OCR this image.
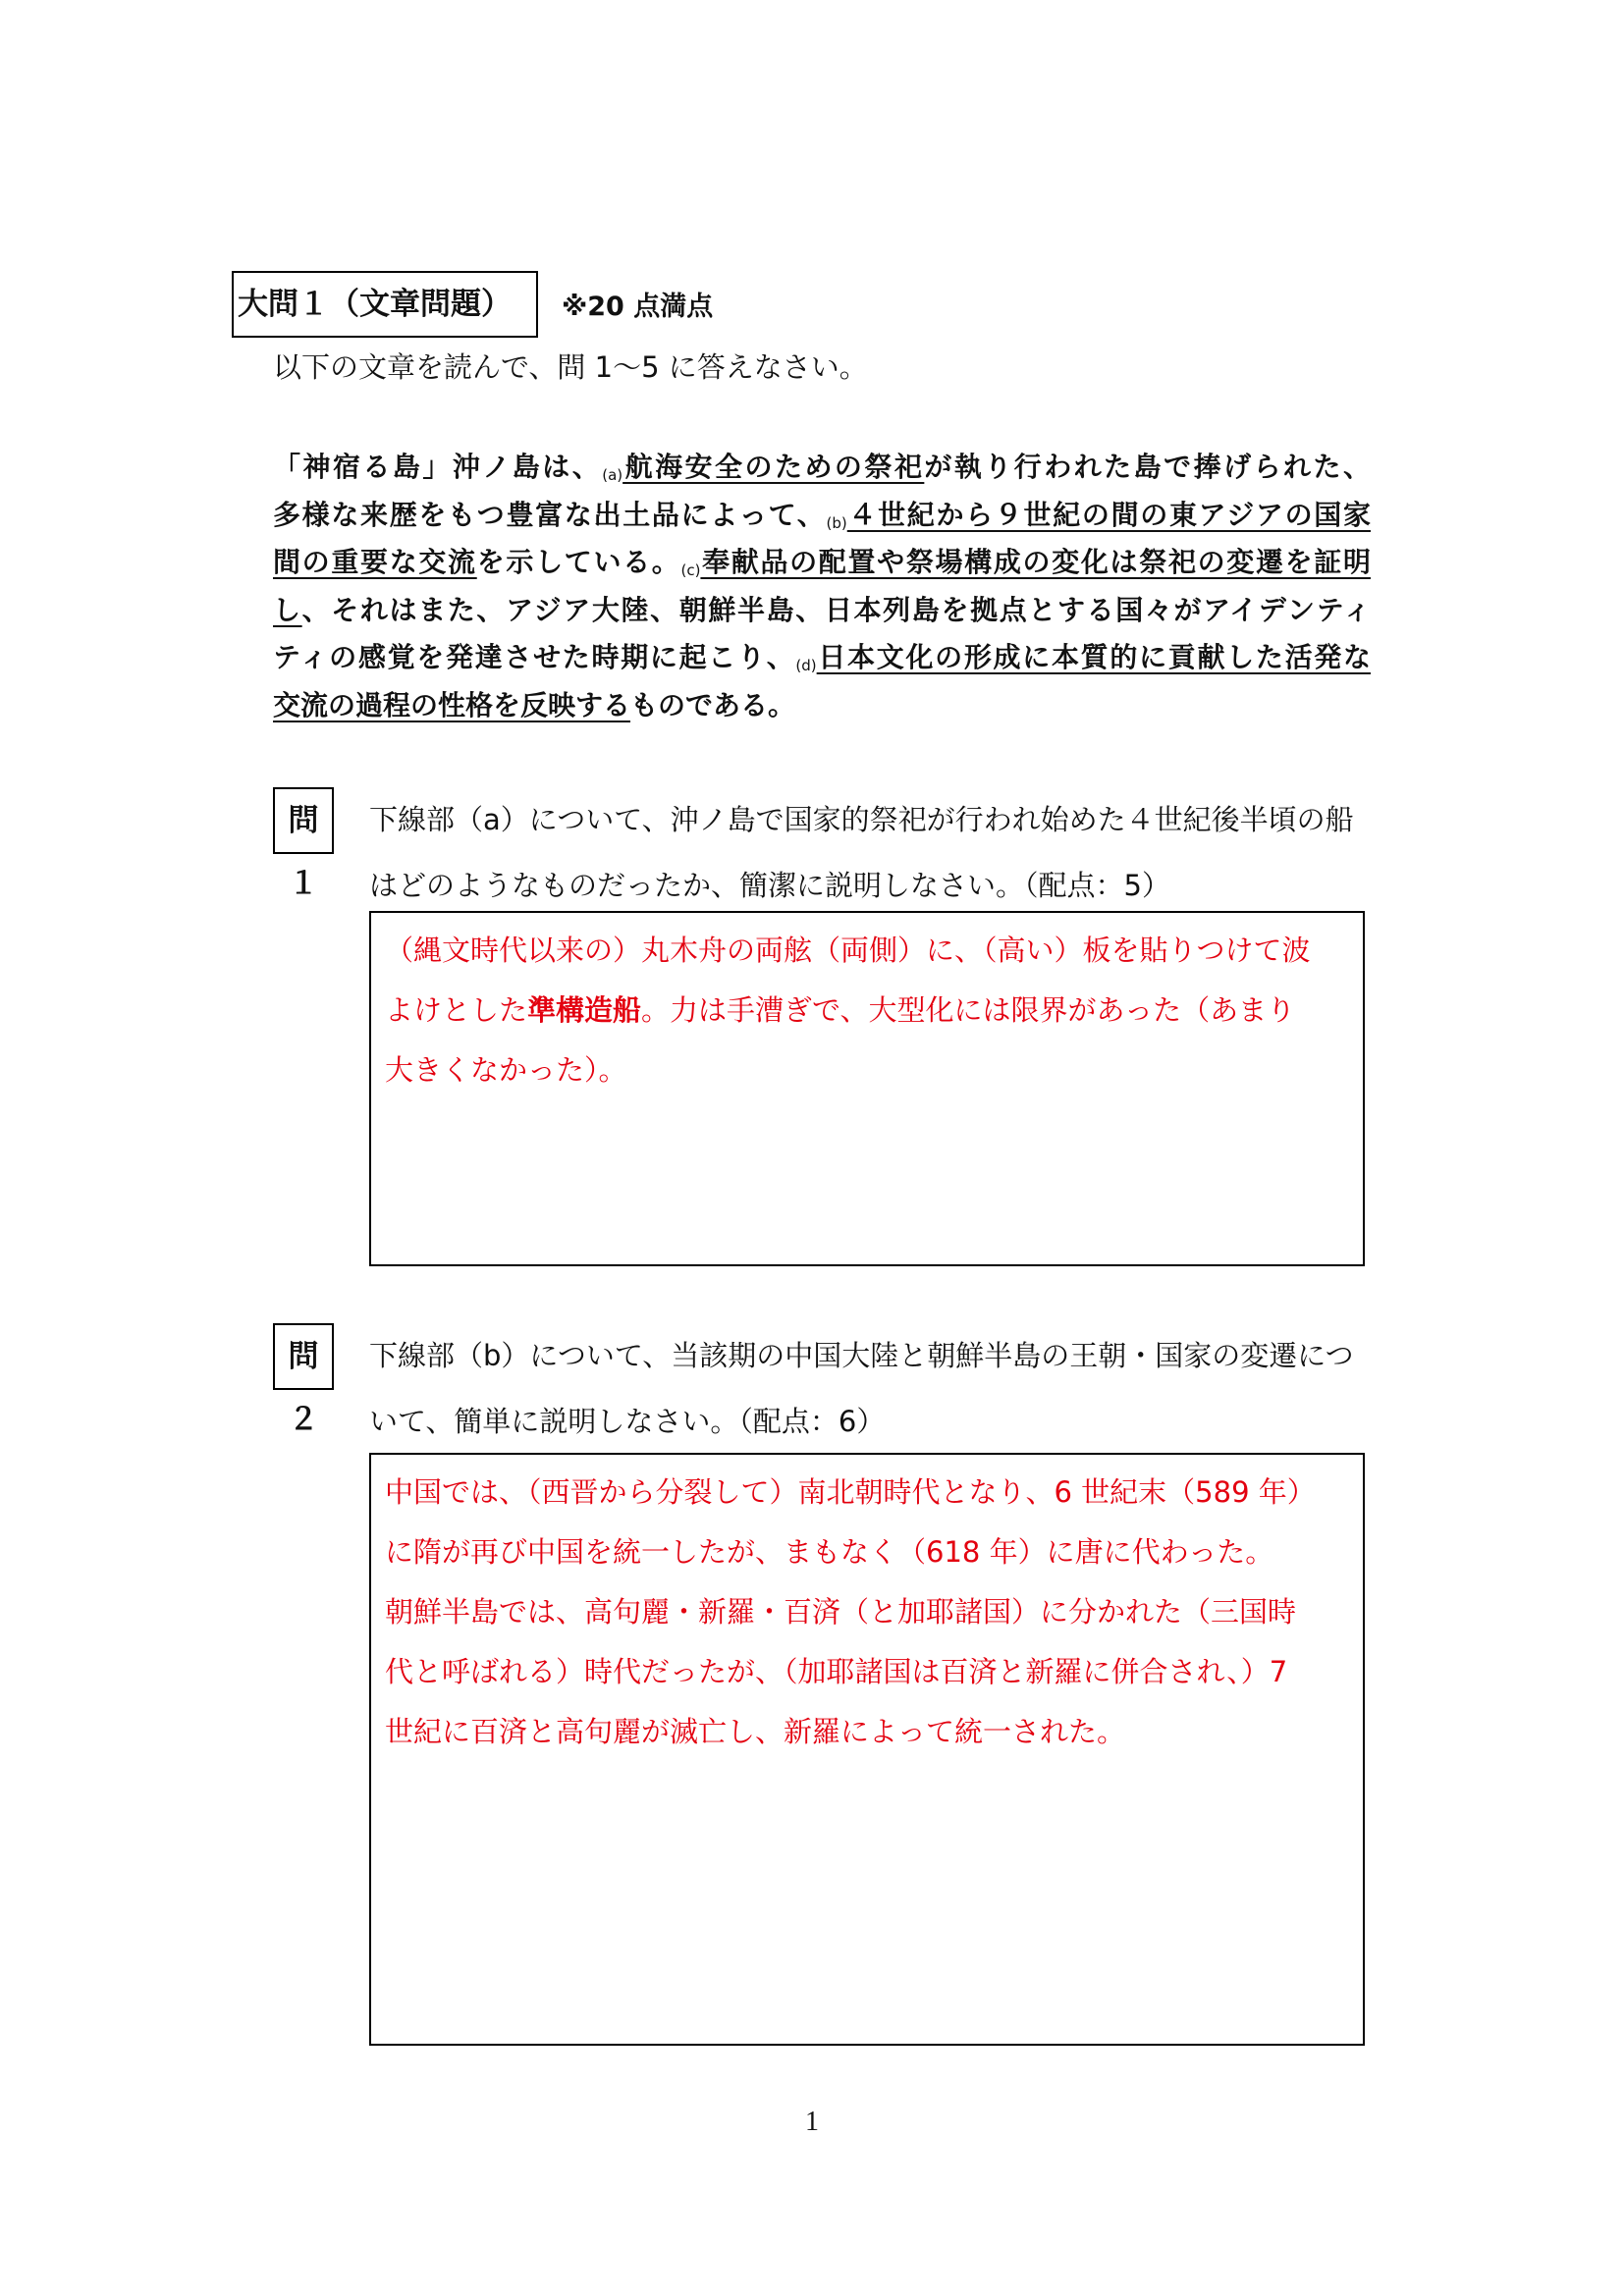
大問１（文章問題）	※20 点満点
以下の文章を読んで、問 1～5 に答えなさい。
「神宿る島」沖ノ島は、(a)航海安全のための祭祀が執り行われた島で捧げられた、
多様な来歴をもつ豊富な出土品によって、(b)４世紀から９世紀の間の東アジアの国家
間の重要な交流を示している。(c)奉献品の配置や祭場構成の変化は祭祀の変遷を証明
し、それはまた、アジア大陸、朝鮮半島、日本列島を拠点とする国々がアイデンティ
ティの感覚を発達させた時期に起こり、(d)日本文化の形成に本質的に貢献した活発な
交流の過程の性格を反映するものである。
問１
下線部（a）について、沖ノ島で国家的祭祀が行われ始めた４世紀後半頃の船
はどのようなものだったか、簡潔に説明しなさい。（配点：5）
（縄文時代以来の）丸木舟の両舷（両側）に、（高い）板を貼りつけて波
よけとした準構造船。力は手漕ぎで、大型化には限界があった（あまり
大きくなかった）。
問２
下線部（b）について、当該期の中国大陸と朝鮮半島の王朝・国家の変遷につ
いて、簡単に説明しなさい。（配点：6）
中国では、（西晋から分裂して）南北朝時代となり、6 世紀末（589 年）
に隋が再び中国を統一したが、まもなく（618 年）に唐に代わった。
朝鮮半島では、高句麗・新羅・百済（と加耶諸国）に分かれた（三国時
代と呼ばれる）時代だったが、（加耶諸国は百済と新羅に併合され、）7
世紀に百済と高句麗が滅亡し、新羅によって統一された。
1
